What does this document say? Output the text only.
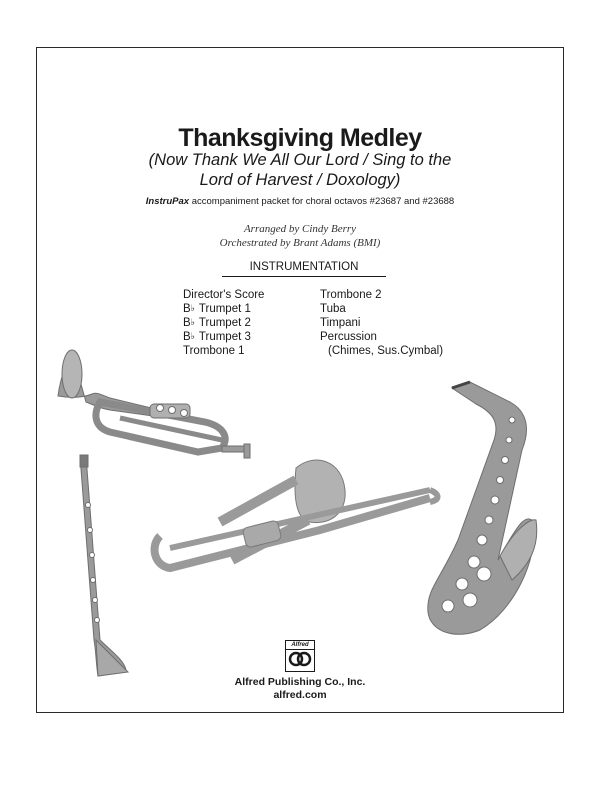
Thanksgiving Medley
(Now Thank We All Our Lord / Sing to the
Lord of Harvest / Doxology)
InstruPax accompaniment packet for choral octavos #23687 and #23688
Arranged by Cindy Berry
Orchestrated by Brant Adams (BMI)
INSTRUMENTATION
Director's Score
B♭ Trumpet 1
B♭ Trumpet 2
B♭ Trumpet 3
Trombone 1
Trombone 2
Tuba
Timpani
Percussion
(Chimes, Sus.Cymbal)
Alfred
Alfred Publishing Co., Inc.
alfred.com
